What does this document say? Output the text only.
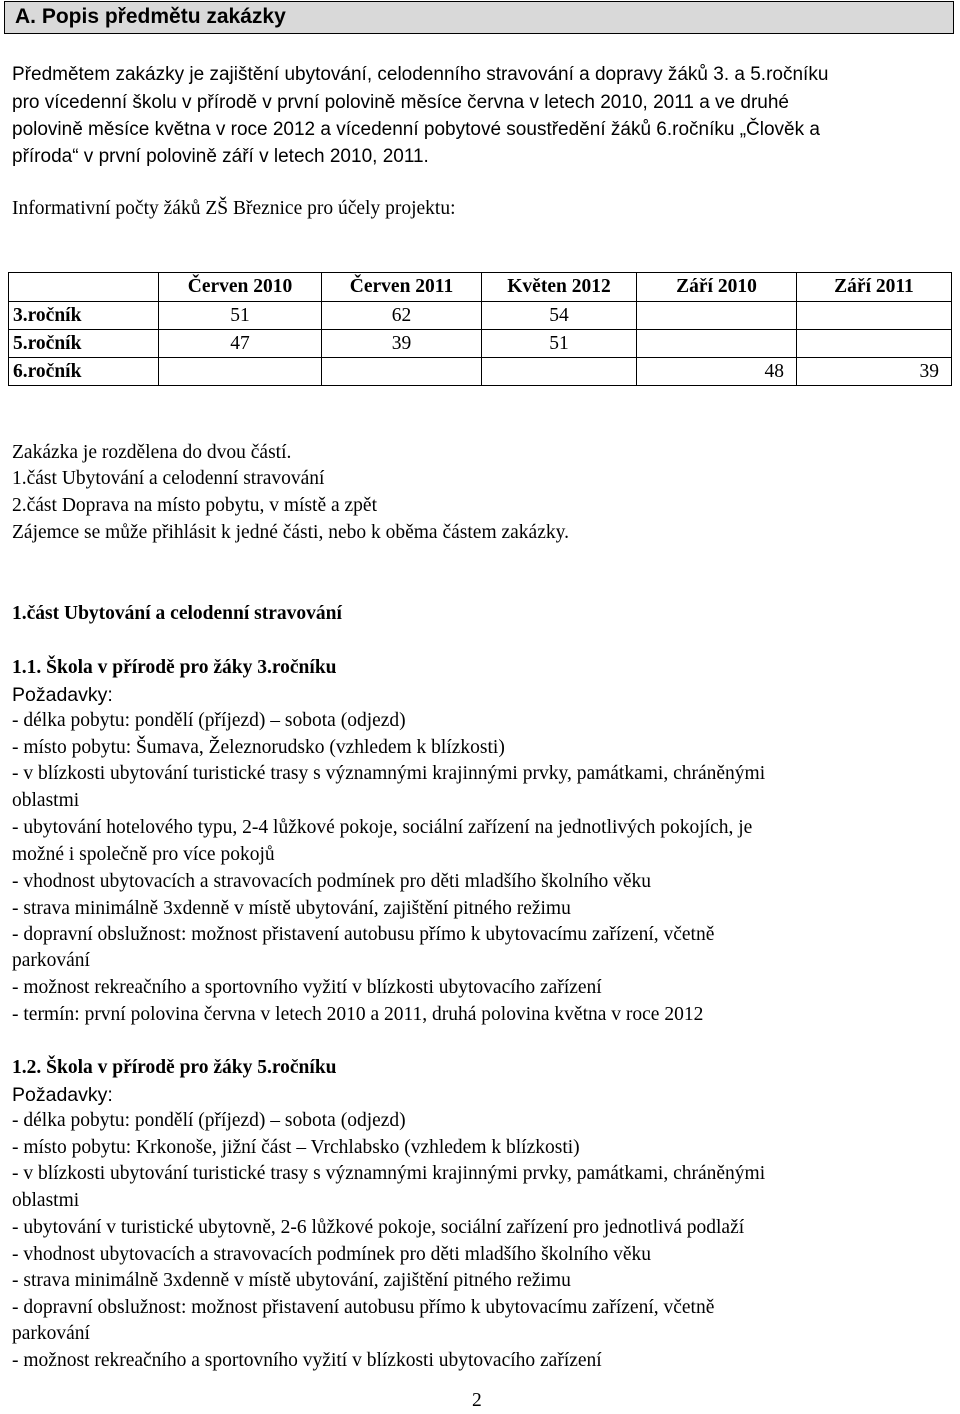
A. Popis předmětu zakázky
Předmětem zakázky je zajištění ubytování, celodenního stravování a dopravy žáků 3. a 5.ročníku
pro vícedenní školu v přírodě v první polovině měsíce června v letech 2010, 2011 a ve druhé
polovině měsíce května v roce 2012 a vícedenní pobytové soustředění žáků 6.ročníku „Člověk a
příroda“ v první polovině září v letech 2010, 2011.
Informativní počty žáků ZŠ Březnice pro účely projektu:
	Červen 2010	Červen 2011	Květen 2012	Září 2010	Září 2011
3.ročník	51	62	54		
5.ročník	47	39	51		
6.ročník				48	39
Zakázka je rozdělena do dvou částí.
1.část Ubytování a celodenní stravování
2.část Doprava na místo pobytu, v místě a zpět
Zájemce se může přihlásit k jedné části, nebo k oběma částem zakázky.
1.část Ubytování a celodenní stravování
1.1. Škola v přírodě pro žáky 3.ročníku
Požadavky:
- délka pobytu: pondělí (příjezd) – sobota (odjezd)
- místo pobytu: Šumava, Železnorudsko (vzhledem k blízkosti)
- v blízkosti ubytování turistické trasy s významnými krajinnými prvky, památkami, chráněnými
oblastmi
- ubytování hotelového typu, 2-4 lůžkové pokoje, sociální zařízení na jednotlivých pokojích, je
možné i společně pro více pokojů
- vhodnost ubytovacích a stravovacích podmínek pro děti mladšího školního věku
- strava minimálně 3xdenně v místě ubytování, zajištění pitného režimu
- dopravní obslužnost: možnost přistavení autobusu přímo k ubytovacímu zařízení, včetně
parkování
- možnost rekreačního a sportovního vyžití v blízkosti ubytovacího zařízení
- termín: první polovina června v letech 2010 a 2011, druhá polovina května v roce 2012
1.2. Škola v přírodě pro žáky 5.ročníku
Požadavky:
- délka pobytu: pondělí (příjezd) – sobota (odjezd)
- místo pobytu: Krkonoše, jižní část – Vrchlabsko (vzhledem k blízkosti)
- v blízkosti ubytování turistické trasy s významnými krajinnými prvky, památkami, chráněnými
oblastmi
- ubytování v turistické ubytovně, 2-6 lůžkové pokoje, sociální zařízení pro jednotlivá podlaží
- vhodnost ubytovacích a stravovacích podmínek pro děti mladšího školního věku
- strava minimálně 3xdenně v místě ubytování, zajištění pitného režimu
- dopravní obslužnost: možnost přistavení autobusu přímo k ubytovacímu zařízení, včetně
parkování
- možnost rekreačního a sportovního vyžití v blízkosti ubytovacího zařízení
2
